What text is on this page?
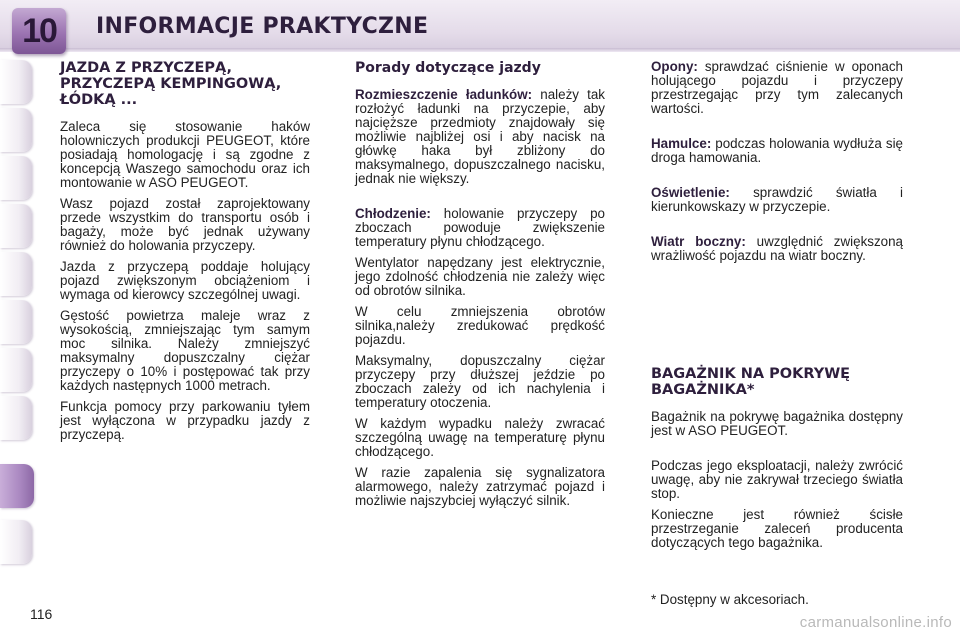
10	INFORMACJE PRAKTYCZNE
JAZDA Z PRZYCZEPĄ, PRZYCZEPĄ KEMPINGOWĄ, ŁÓDKĄ ...

Zaleca się stosowanie haków holowniczych produkcji PEUGEOT, które posiadają homologację i są zgodne z koncepcją Waszego samochodu oraz ich montowanie w ASO PEUGEOT.

Wasz pojazd został zaprojektowany przede wszystkim do transportu osób i bagaży, może być jednak używany również do holowania przyczepy.

Jazda z przyczepą poddaje holujący pojazd zwiększonym obciążeniom i wymaga od kierowcy szczególnej uwagi.

Gęstość powietrza maleje wraz z wysokością, zmniejszając tym samym moc silnika. Należy zmniejszyć maksymalny dopuszczalny ciężar przyczepy o 10% i postępować tak przy każdych następnych 1000 metrach.

Funkcja pomocy przy parkowaniu tyłem jest wyłączona w przypadku jazdy z przyczepą.

Porady dotyczące jazdy

Rozmieszczenie ładunków: należy tak rozłożyć ładunki na przyczepie, aby najcięższe przedmioty znajdowały się możliwie najbliżej osi i aby nacisk na główkę haka był zbliżony do maksymalnego, dopuszczalnego nacisku, jednak nie większy.

Chłodzenie: holowanie przyczepy po zboczach powoduje zwiększenie temperatury płynu chłodzącego.

Wentylator napędzany jest elektrycznie, jego zdolność chłodzenia nie zależy więc od obrotów silnika.

W celu zmniejszenia obrotów silnika,należy zredukować prędkość pojazdu.

Maksymalny, dopuszczalny ciężar przyczepy przy dłuższej jeździe po zboczach zależy od ich nachylenia i temperatury otoczenia.

W każdym wypadku należy zwracać szczególną uwagę na temperaturę płynu chłodzącego.

W razie zapalenia się sygnalizatora alarmowego, należy zatrzymać pojazd i możliwie najszybciej wyłączyć silnik.

Opony: sprawdzać ciśnienie w oponach holującego pojazdu i przyczepy przestrzegając przy tym zalecanych wartości.

Hamulce: podczas holowania wydłuża się droga hamowania.

Oświetlenie: sprawdzić światła i kierunkowskazy w przyczepie.

Wiatr boczny: uwzględnić zwiększoną wrażliwość pojazdu na wiatr boczny.

BAGAŻNIK NA POKRYWĘ BAGAŻNIKA*

Bagażnik na pokrywę bagażnika dostępny jest w ASO PEUGEOT.

Podczas jego eksploatacji, należy zwrócić uwagę, aby nie zakrywał trzeciego światła stop.

Konieczne jest również ścisłe przestrzeganie zaleceń producenta dotyczących tego bagażnika.

* Dostępny w akcesoriach.
116	carmanualsonline.info
